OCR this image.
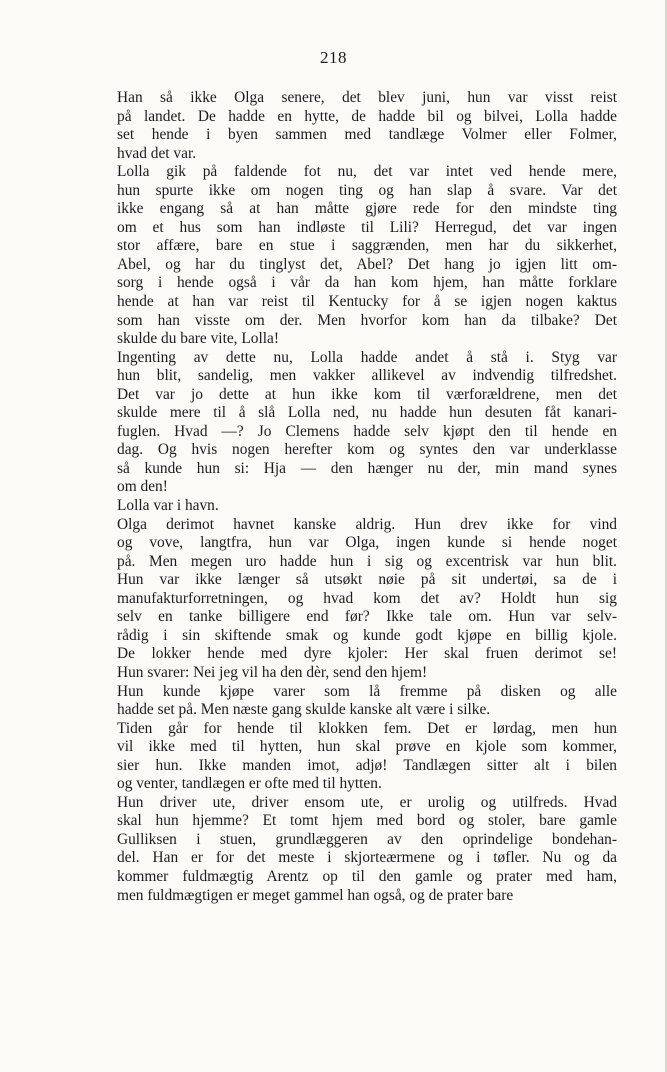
218

Han så ikke Olga senere, det blev juni, hun var visst reist
på landet. De hadde en hytte, de hadde bil og bilvei, Lolla hadde
set hende i byen sammen med tandlæge Volmer eller Folmer,
hvad det var.

Lolla gik på faldende fot nu, det var intet ved hende mere,
hun spurte ikke om nogen ting og han slap å svare. Var det
ikke engang så at han måtte gjøre rede for den mindste ting
om et hus som han indløste til Lili? Herregud, det var ingen
stor affære, bare en stue i saggrænden, men har du sikkerhet,
Abel, og har du tinglyst det, Abel? Det hang jo igjen litt om-
sorg i hende også i vår da han kom hjem, han måtte forklare
hende at han var reist til Kentucky for å se igjen nogen kaktus
som han visste om der. Men hvorfor kom han da tilbake? Det
skulde du bare vite, Lolla!

Ingenting av dette nu, Lolla hadde andet å stå i. Styg var
hun blit, sandelig, men vakker allikevel av indvendig tilfredshet.
Det var jo dette at hun ikke kom til værforældrene, men det
skulde mere til å slå Lolla ned, nu hadde hun desuten fåt kanari-
fuglen. Hvad —? Jo Clemens hadde selv kjøpt den til hende en
dag. Og hvis nogen herefter kom og syntes den var underklasse
så kunde hun si: Hja — den hænger nu der, min mand synes
om den!

Lolla var i havn.

Olga derimot havnet kanske aldrig. Hun drev ikke for vind
og vove, langtfra, hun var Olga, ingen kunde si hende noget
på. Men megen uro hadde hun i sig og excentrisk var hun blit.
Hun var ikke længer så utsøkt nøie på sit undertøi, sa de i
manufakturforretningen, og hvad kom det av? Holdt hun sig
selv en tanke billigere end før? Ikke tale om. Hun var selv-
rådig i sin skiftende smak og kunde godt kjøpe en billig kjole.
De lokker hende med dyre kjoler: Her skal fruen derimot se!
Hun svarer: Nei jeg vil ha den dèr, send den hjem!

Hun kunde kjøpe varer som lå fremme på disken og alle
hadde set på. Men næste gang skulde kanske alt være i silke.

Tiden går for hende til klokken fem. Det er lørdag, men hun
vil ikke med til hytten, hun skal prøve en kjole som kommer,
sier hun. Ikke manden imot, adjø! Tandlægen sitter alt i bilen
og venter, tandlægen er ofte med til hytten.

Hun driver ute, driver ensom ute, er urolig og utilfreds. Hvad
skal hun hjemme? Et tomt hjem med bord og stoler, bare gamle
Gulliksen i stuen, grundlæggeren av den oprindelige bondehan-
del. Han er for det meste i skjorteærmene og i tøfler. Nu og da
kommer fuldmægtig Arentz op til den gamle og prater med ham,
men fuldmægtigen er meget gammel han også, og de prater bare
